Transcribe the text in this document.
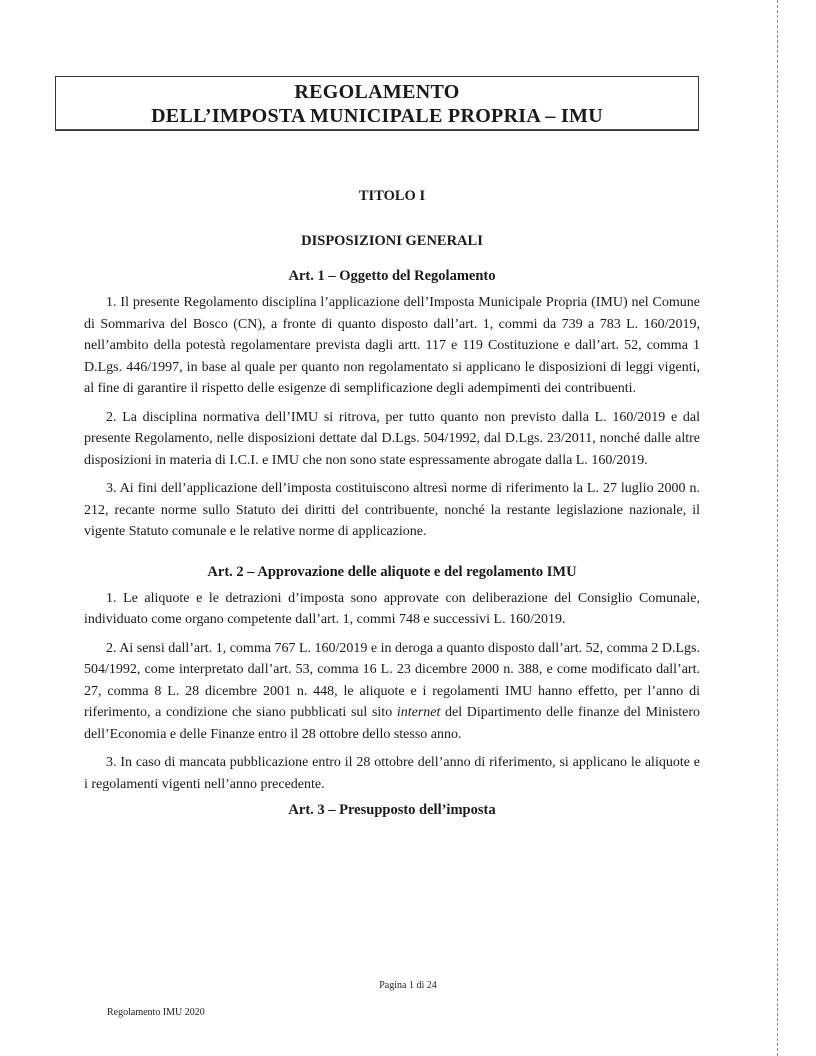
REGOLAMENTO
DELL’IMPOSTA MUNICIPALE PROPRIA – IMU
TITOLO I
DISPOSIZIONI GENERALI
Art. 1 – Oggetto del Regolamento

1. Il presente Regolamento disciplina l’applicazione dell’Imposta Municipale Propria (IMU) nel Comune di Sommariva del Bosco (CN), a fronte di quanto disposto dall’art. 1, commi da 739 a 783 L. 160/2019, nell’ambito della potestà regolamentare prevista dagli artt. 117 e 119 Costituzione e dall’art. 52, comma 1 D.Lgs. 446/1997, in base al quale per quanto non regolamentato si applicano le disposizioni di leggi vigenti, al fine di garantire il rispetto delle esigenze di semplificazione degli adempimenti dei contribuenti.

2. La disciplina normativa dell’IMU si ritrova, per tutto quanto non previsto dalla L. 160/2019 e dal presente Regolamento, nelle disposizioni dettate dal D.Lgs. 504/1992, dal D.Lgs. 23/2011, nonché dalle altre disposizioni in materia di I.C.I. e IMU che non sono state espressamente abrogate dalla L. 160/2019.

3. Ai fini dell’applicazione dell’imposta costituiscono altresì norme di riferimento la L. 27 luglio 2000 n. 212, recante norme sullo Statuto dei diritti del contribuente, nonché la restante legislazione nazionale, il vigente Statuto comunale e le relative norme di applicazione.

Art. 2 – Approvazione delle aliquote e del regolamento IMU

1. Le aliquote e le detrazioni d’imposta sono approvate con deliberazione del Consiglio Comunale, individuato come organo competente dall’art. 1, commi 748 e successivi L. 160/2019.

2. Ai sensi dall’art. 1, comma 767 L. 160/2019 e in deroga a quanto disposto dall’art. 52, comma 2 D.Lgs. 504/1992, come interpretato dall’art. 53, comma 16 L. 23 dicembre 2000 n. 388, e come modificato dall’art. 27, comma 8 L. 28 dicembre 2001 n. 448, le aliquote e i regolamenti IMU hanno effetto, per l’anno di riferimento, a condizione che siano pubblicati sul sito internet del Dipartimento delle finanze del Ministero dell’Economia e delle Finanze entro il 28 ottobre dello stesso anno.

3. In caso di mancata pubblicazione entro il 28 ottobre dell’anno di riferimento, si applicano le aliquote e i regolamenti vigenti nell’anno precedente.

Art. 3 – Presupposto dell’imposta
Pagina 1 di 24
Regolamento IMU 2020
